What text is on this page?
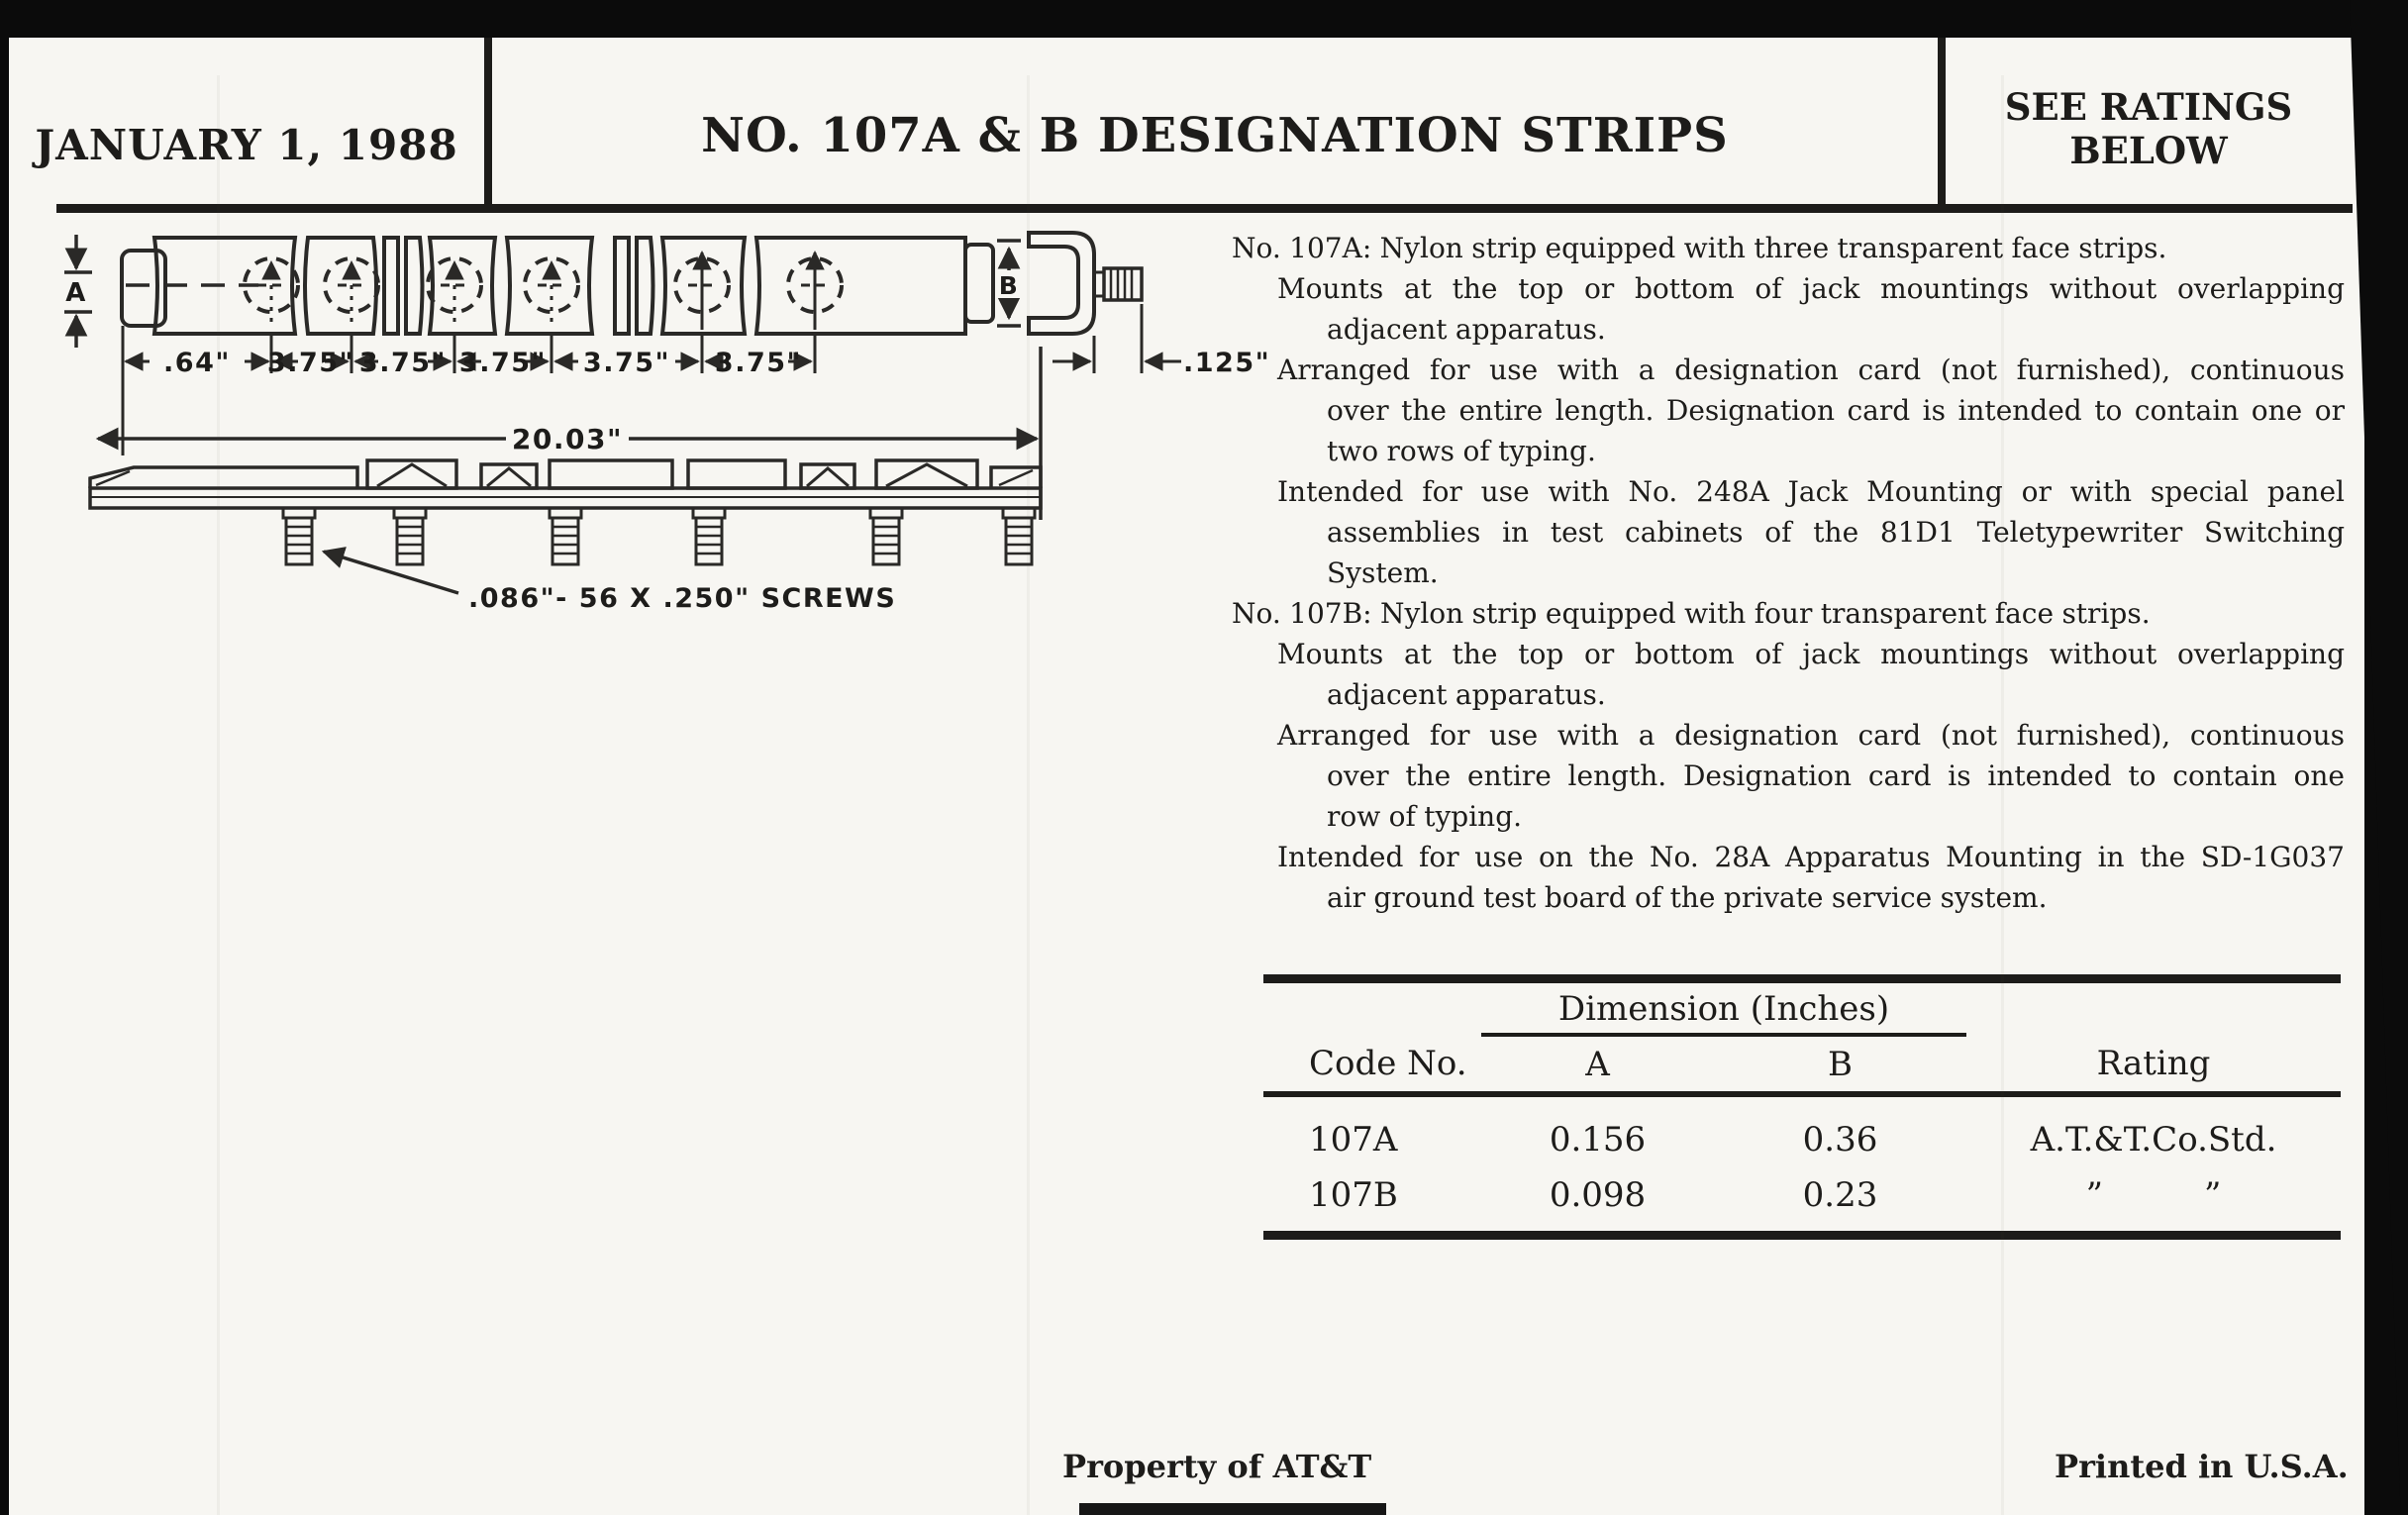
JANUARY 1, 1988	NO. 107A & B DESIGNATION STRIPS
SEE RATINGS
BELOW
A	B
.64" 3.75" 3.75" 3.75" 3.75" 3.75"	.125"
20.03"
.086"- 56 X .250" SCREWS
No. 107A: Nylon strip equipped with three transparent face strips.
Mounts at the top or bottom of jack mountings without overlapping
adjacent apparatus.
Arranged for use with a designation card (not furnished), continuous
over the entire length. Designation card is intended to contain one or
two rows of typing.
Intended for use with No. 248A Jack Mounting or with special panel
assemblies in test cabinets of the 81D1 Teletypewriter Switching
System.
No. 107B: Nylon strip equipped with four transparent face strips.
Mounts at the top or bottom of jack mountings without overlapping
adjacent apparatus.
Arranged for use with a designation card (not furnished), continuous
over the entire length. Designation card is intended to contain one
row of typing.
Intended for use on the No. 28A Apparatus Mounting in the SD-1G037
air ground test board of the private service system.
	Dimension (Inches)		
Code No.	A	B	Rating
107A	0.156	0.36	A.T.&T.Co.Std.
107B	0.098	0.23	”   ”
Property of AT&T	Printed in U.S.A.
